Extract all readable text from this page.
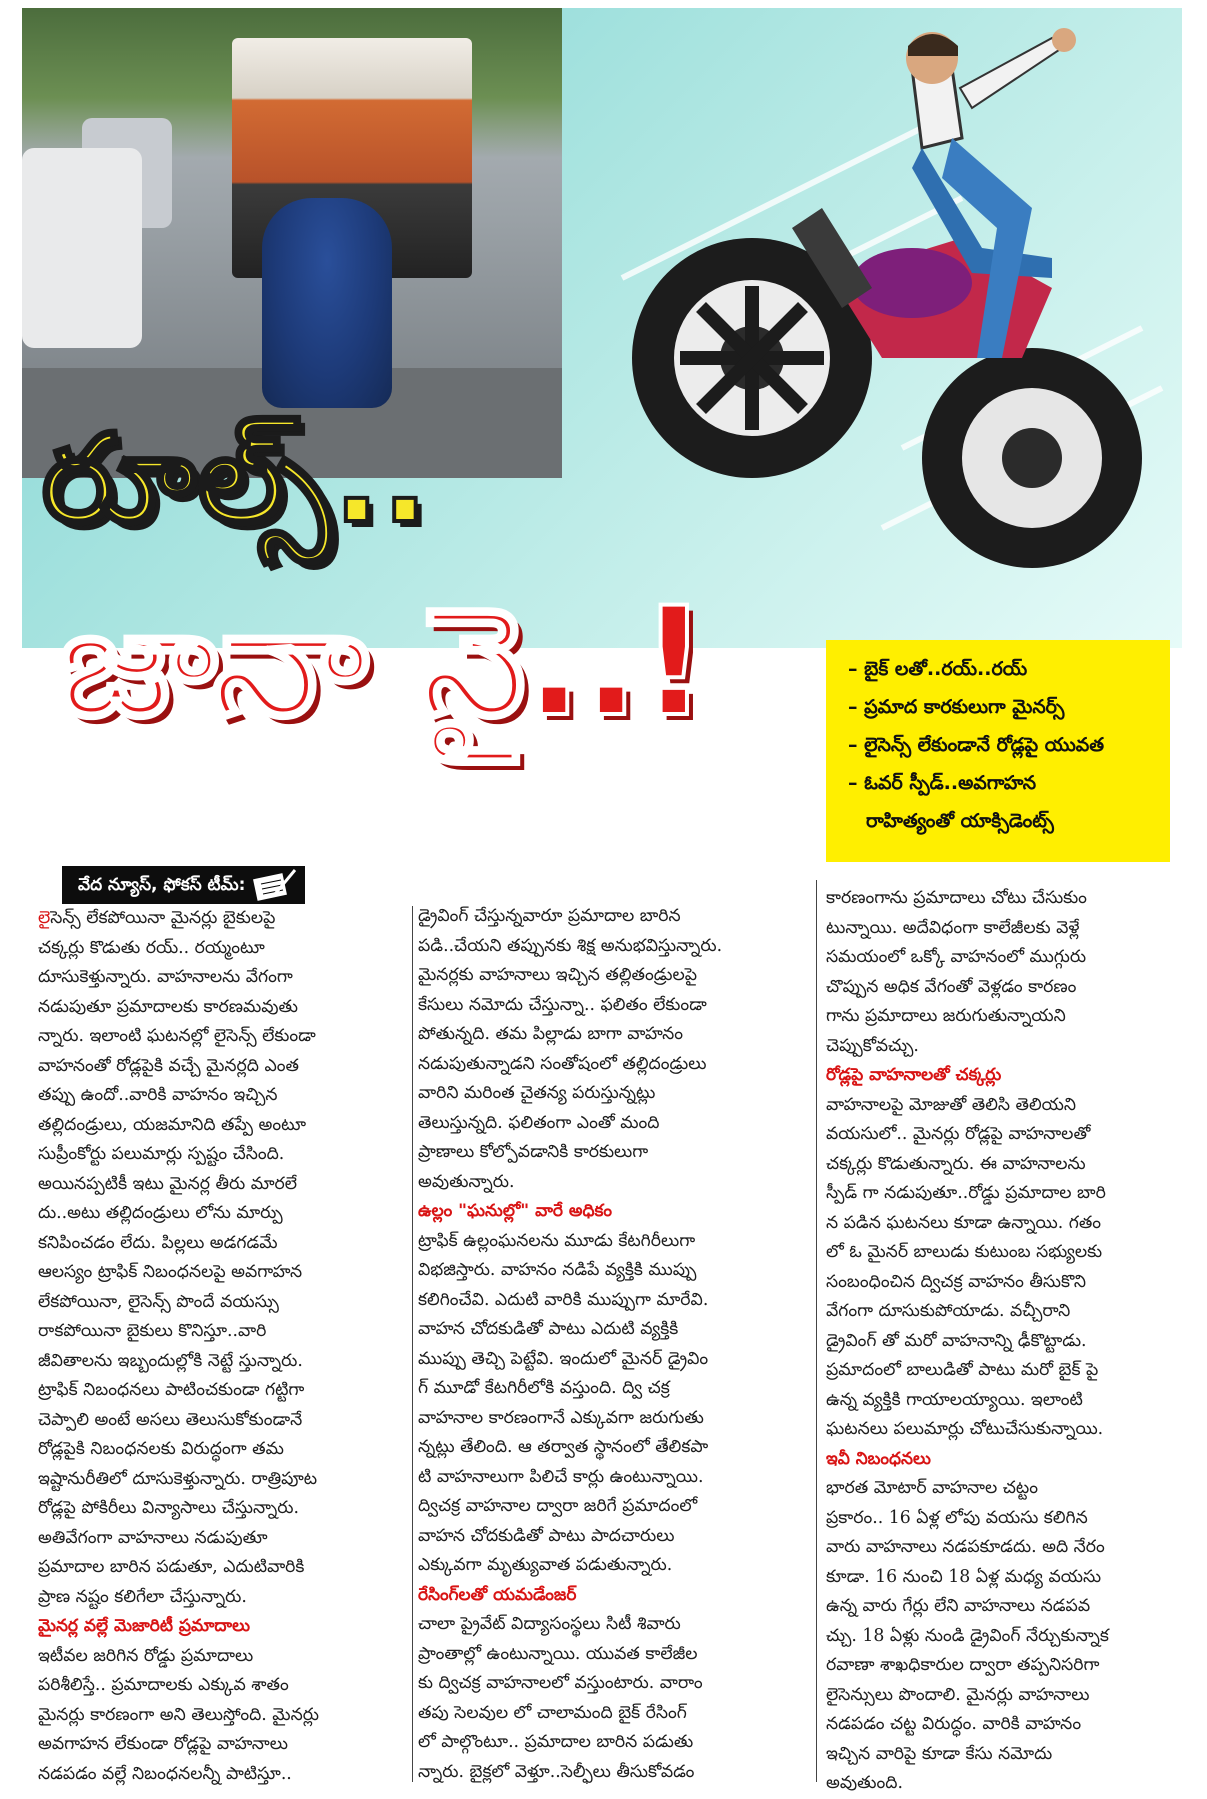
రూల్స్..
జానా నై..!	– బైక్ లతో..రయ్..రయ్
– ప్రమాద కారకులుగా మైనర్స్
– లైసెన్స్ లేకుండానే రోడ్లపై యువత
– ఓవర్ స్పీడ్..అవగాహన
రాహిత్యంతో యాక్సిడెంట్స్
వేద న్యూస్, ఫోకస్ టీమ్:
లైసెన్స్ లేకపోయినా మైనర్లు బైకులపై
చక్కర్లు కొడుతు రయ్.. రయ్మంటూ
దూసుకెళ్తున్నారు. వాహనాలను వేగంగా
నడుపుతూ ప్రమాదాలకు కారణమవుతు
న్నారు. ఇలాంటి ఘటనల్లో లైసెన్స్ లేకుండా
వాహనంతో రోడ్లపైకి వచ్చే మైనర్లది ఎంత
తప్పు ఉందో..వారికి వాహనం ఇచ్చిన
తల్లిదండ్రులు, యజమానిది తప్పే అంటూ
సుప్రీంకోర్టు పలుమార్లు స్పష్టం చేసింది.
అయినప్పటికీ ఇటు మైనర్ల తీరు మారలే
దు..అటు తల్లిదండ్రులు లోను మార్పు
కనిపించడం లేదు. పిల్లలు అడగడమే
ఆలస్యం ట్రాఫిక్ నిబంధనలపై అవగాహన
లేకపోయినా, లైసెన్స్ పొందే వయస్సు
రాకపోయినా బైకులు కొనిస్తూ..వారి
జీవితాలను ఇబ్బందుల్లోకి నెట్టే స్తున్నారు.
ట్రాఫిక్ నిబంధనలు పాటించకుండా గట్టిగా
చెప్పాలి అంటే అసలు తెలుసుకోకుండానే
రోడ్లపైకి నిబంధనలకు విరుద్ధంగా తమ
ఇష్టానురీతిలో దూసుకెళ్తున్నారు. రాత్రిపూట
రోడ్లపై పోకిరీలు విన్యాసాలు చేస్తున్నారు.
అతివేగంగా వాహనాలు నడుపుతూ
ప్రమాదాల బారిన పడుతూ, ఎదుటివారికి
ప్రాణ నష్టం కలిగేలా చేస్తున్నారు.
మైనర్ల వల్లే మెజారిటీ ప్రమాదాలు
ఇటీవల జరిగిన రోడ్డు ప్రమాదాలు
పరిశీలిస్తే.. ప్రమాదాలకు ఎక్కువ శాతం
మైనర్లు కారణంగా అని తెలుస్తోంది. మైనర్లు
అవగాహన లేకుండా రోడ్లపై వాహనాలు
నడపడం వల్లే నిబంధనలన్నీ పాటిస్తూ..
డ్రైవింగ్ చేస్తున్నవారూ ప్రమాదాల బారిన
పడి..చేయని తప్పునకు శిక్ష అనుభవిస్తున్నారు.
మైనర్లకు వాహనాలు ఇచ్చిన తల్లితండ్రులపై
కేసులు నమోదు చేస్తున్నా.. ఫలితం లేకుండా
పోతున్నది. తమ పిల్లాడు బాగా వాహనం
నడుపుతున్నాడని సంతోషంలో తల్లిదండ్రులు
వారిని మరింత చైతన్య పరుస్తున్నట్లు
తెలుస్తున్నది. ఫలితంగా ఎంతో మంది
ప్రాణాలు కోల్పోవడానికి కారకులుగా
అవుతున్నారు.
ఉల్లం "ఘనుల్లో" వారే అధికం
ట్రాఫిక్ ఉల్లంఘనలను మూడు కేటగిరీలుగా
విభజిస్తారు. వాహనం నడిపే వ్యక్తికి ముప్పు
కలిగించేవి. ఎదుటి వారికి ముప్పుగా మారేవి.
వాహన చోదకుడితో పాటు ఎదుటి వ్యక్తికి
ముప్పు తెచ్చి పెట్టేవి. ఇందులో మైనర్ డ్రైవిం
గ్ మూడో కేటగిరీలోకి వస్తుంది. ద్వి చక్ర
వాహనాల కారణంగానే ఎక్కువగా జరుగుతు
న్నట్లు తేలింది. ఆ తర్వాత స్థానంలో తేలికపా
టి వాహనాలుగా పిలిచే కార్లు ఉంటున్నాయి.
ద్విచక్ర వాహనాల ద్వారా జరిగే ప్రమాదంలో
వాహన చోదకుడితో పాటు పాదచారులు
ఎక్కువగా మృత్యువాత పడుతున్నారు.
రేసింగ్‌లతో యమడేంజర్
చాలా ప్రైవేట్ విద్యాసంస్థలు సిటీ శివారు
ప్రాంతాల్లో ఉంటున్నాయి. యువత కాలేజీల
కు ద్విచక్ర వాహనాలలో వస్తుంటారు. వారాం
తపు సెలవుల లో చాలామంది బైక్ రేసింగ్
లో పాల్గొంటూ.. ప్రమాదాల బారిన పడుతు
న్నారు. బైక్లలో వెళ్తూ..సెల్ఫీలు తీసుకోవడం
కారణంగాను ప్రమాదాలు చోటు చేసుకుం
టున్నాయి. అదేవిధంగా కాలేజీలకు వెళ్లే
సమయంలో ఒక్కో వాహనంలో ముగ్గురు
చొప్పున అధిక వేగంతో వెళ్లడం కారణం
గాను ప్రమాదాలు జరుగుతున్నాయని
చెప్పుకోవచ్చు.
రోడ్లపై వాహనాలతో చక్కర్లు
వాహనాలపై మోజుతో తెలిసి తెలియని
వయసులో.. మైనర్లు రోడ్లపై వాహనాలతో
చక్కర్లు కొడుతున్నారు. ఈ వాహనాలను
స్పీడ్ గా నడుపుతూ..రోడ్డు ప్రమాదాల బారి
న పడిన ఘటనలు కూడా ఉన్నాయి. గతం
లో ఓ మైనర్ బాలుడు కుటుంబ సభ్యులకు
సంబంధించిన ద్విచక్ర వాహనం తీసుకొని
వేగంగా దూసుకుపోయాడు. వచ్చీరాని
డ్రైవింగ్ తో మరో వాహనాన్ని ఢీకొట్టాడు.
ప్రమాదంలో బాలుడితో పాటు మరో బైక్ పై
ఉన్న వ్యక్తికి గాయాలయ్యాయి. ఇలాంటి
ఘటనలు పలుమార్లు చోటుచేసుకున్నాయి.
ఇవీ నిబంధనలు
భారత మోటార్ వాహనాల చట్టం
ప్రకారం.. 16 ఏళ్ల లోపు వయసు కలిగిన
వారు వాహనాలు నడపకూడదు. అది నేరం
కూడా. 16 నుంచి 18 ఏళ్ల మధ్య వయసు
ఉన్న వారు గేర్లు లేని వాహనాలు నడపవ
చ్చు. 18 ఏళ్లు నుండి డ్రైవింగ్ నేర్చుకున్నాక
రవాణా శాఖధికారుల ద్వారా తప్పనిసరిగా
లైసెన్సులు పొందాలి. మైనర్లు వాహనాలు
నడపడం చట్ట విరుద్ధం. వారికి వాహనం
ఇచ్చిన వారిపై కూడా కేసు నమోదు
అవుతుంది.
